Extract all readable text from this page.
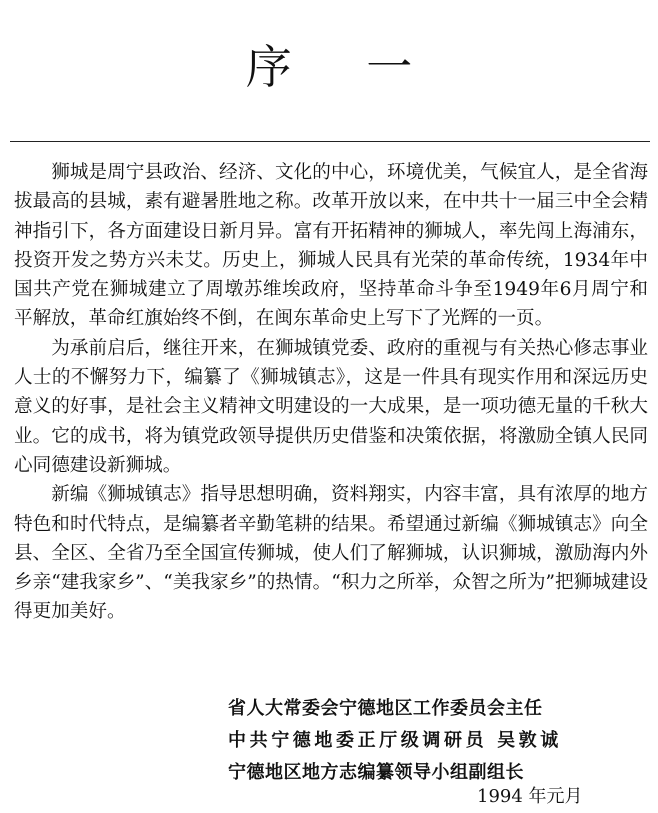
序 一

狮城是周宁县政治、经济、文化的中心，环境优美，气候宜人，是全省海拔最高的县城，素有避暑胜地之称。改革开放以来，在中共十一届三中全会精神指引下，各方面建设日新月异。富有开拓精神的狮城人，率先闯上海浦东，投资开发之势方兴未艾。历史上，狮城人民具有光荣的革命传统，1934年中国共产党在狮城建立了周墩苏维埃政府，坚持革命斗争至1949年6月周宁和平解放，革命红旗始终不倒，在闽东革命史上写下了光辉的一页。

为承前启后，继往开来，在狮城镇党委、政府的重视与有关热心修志事业人士的不懈努力下，编纂了《狮城镇志》，这是一件具有现实作用和深远历史意义的好事，是社会主义精神文明建设的一大成果，是一项功德无量的千秋大业。它的成书，将为镇党政领导提供历史借鉴和决策依据，将激励全镇人民同心同德建设新狮城。

新编《狮城镇志》指导思想明确，资料翔实，内容丰富，具有浓厚的地方特色和时代特点，是编纂者辛勤笔耕的结果。希望通过新编《狮城镇志》向全县、全区、全省乃至全国宣传狮城，使人们了解狮城，认识狮城，激励海内外乡亲“建我家乡”、“美我家乡”的热情。“积力之所举，众智之所为”把狮城建设得更加美好。

省人大常委会宁德地区工作委员会主任
中共宁德地委正厅级调研员 吴敦诚
宁德地区地方志编纂领导小组副组长
1994 年元月
